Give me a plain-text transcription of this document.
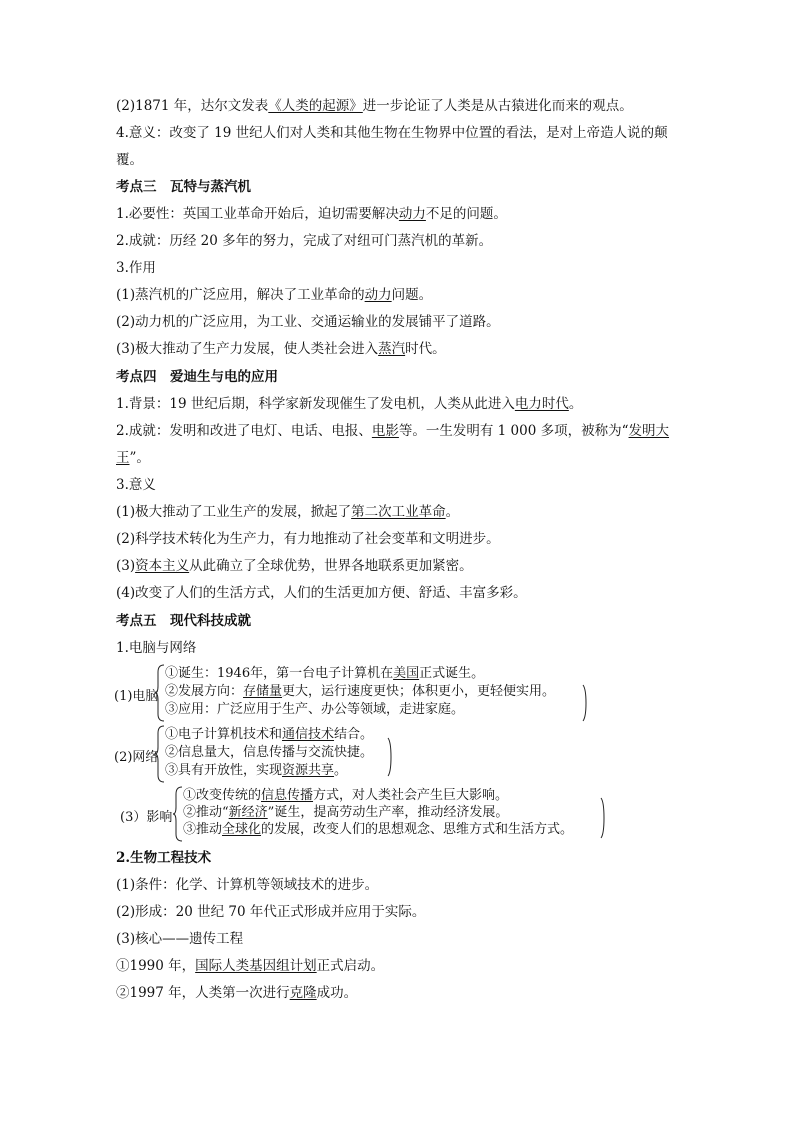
(2)1871 年，达尔文发表《人类的起源》进一步论证了人类是从古猿进化而来的观点。
4.意义：改变了 19 世纪人们对人类和其他生物在生物界中位置的看法，是对上帝造人说的颠
覆。
考点三　瓦特与蒸汽机
1.必要性：英国工业革命开始后，迫切需要解决动力不足的问题。
2.成就：历经 20 多年的努力，完成了对纽可门蒸汽机的革新。
3.作用
(1)蒸汽机的广泛应用，解决了工业革命的动力问题。
(2)动力机的广泛应用，为工业、交通运输业的发展铺平了道路。
(3)极大推动了生产力发展，使人类社会进入蒸汽时代。
考点四　爱迪生与电的应用
1.背景：19 世纪后期，科学家新发现催生了发电机，人类从此进入电力时代。
2.成就：发明和改进了电灯、电话、电报、电影等。一生发明有 1 000 多项，被称为“发明大
王”。
3.意义
(1)极大推动了工业生产的发展，掀起了第二次工业革命。
(2)科学技术转化为生产力，有力地推动了社会变革和文明进步。
(3)资本主义从此确立了全球优势，世界各地联系更加紧密。
(4)改变了人们的生活方式，人们的生活更加方便、舒适、丰富多彩。
考点五　现代科技成就
1.电脑与网络
(1)电脑
①诞生：1946年，第一台电子计算机在美国正式诞生。
②发展方向：存储量更大，运行速度更快；体积更小，更轻便实用。
③应用：广泛应用于生产、办公等领域，走进家庭。
(2)网络
①电子计算机技术和通信技术结合。
②信息量大，信息传播与交流快捷。
③具有开放性，实现资源共享。
(3）影响
①改变传统的信息传播方式，对人类社会产生巨大影响。
②推动“新经济”诞生，提高劳动生产率，推动经济发展。
③推动全球化的发展，改变人们的思想观念、思维方式和生活方式。
2.生物工程技术
(1)条件：化学、计算机等领域技术的进步。
(2)形成：20 世纪 70 年代正式形成并应用于实际。
(3)核心——遗传工程
①1990 年，国际人类基因组计划正式启动。
②1997 年，人类第一次进行克隆成功。
